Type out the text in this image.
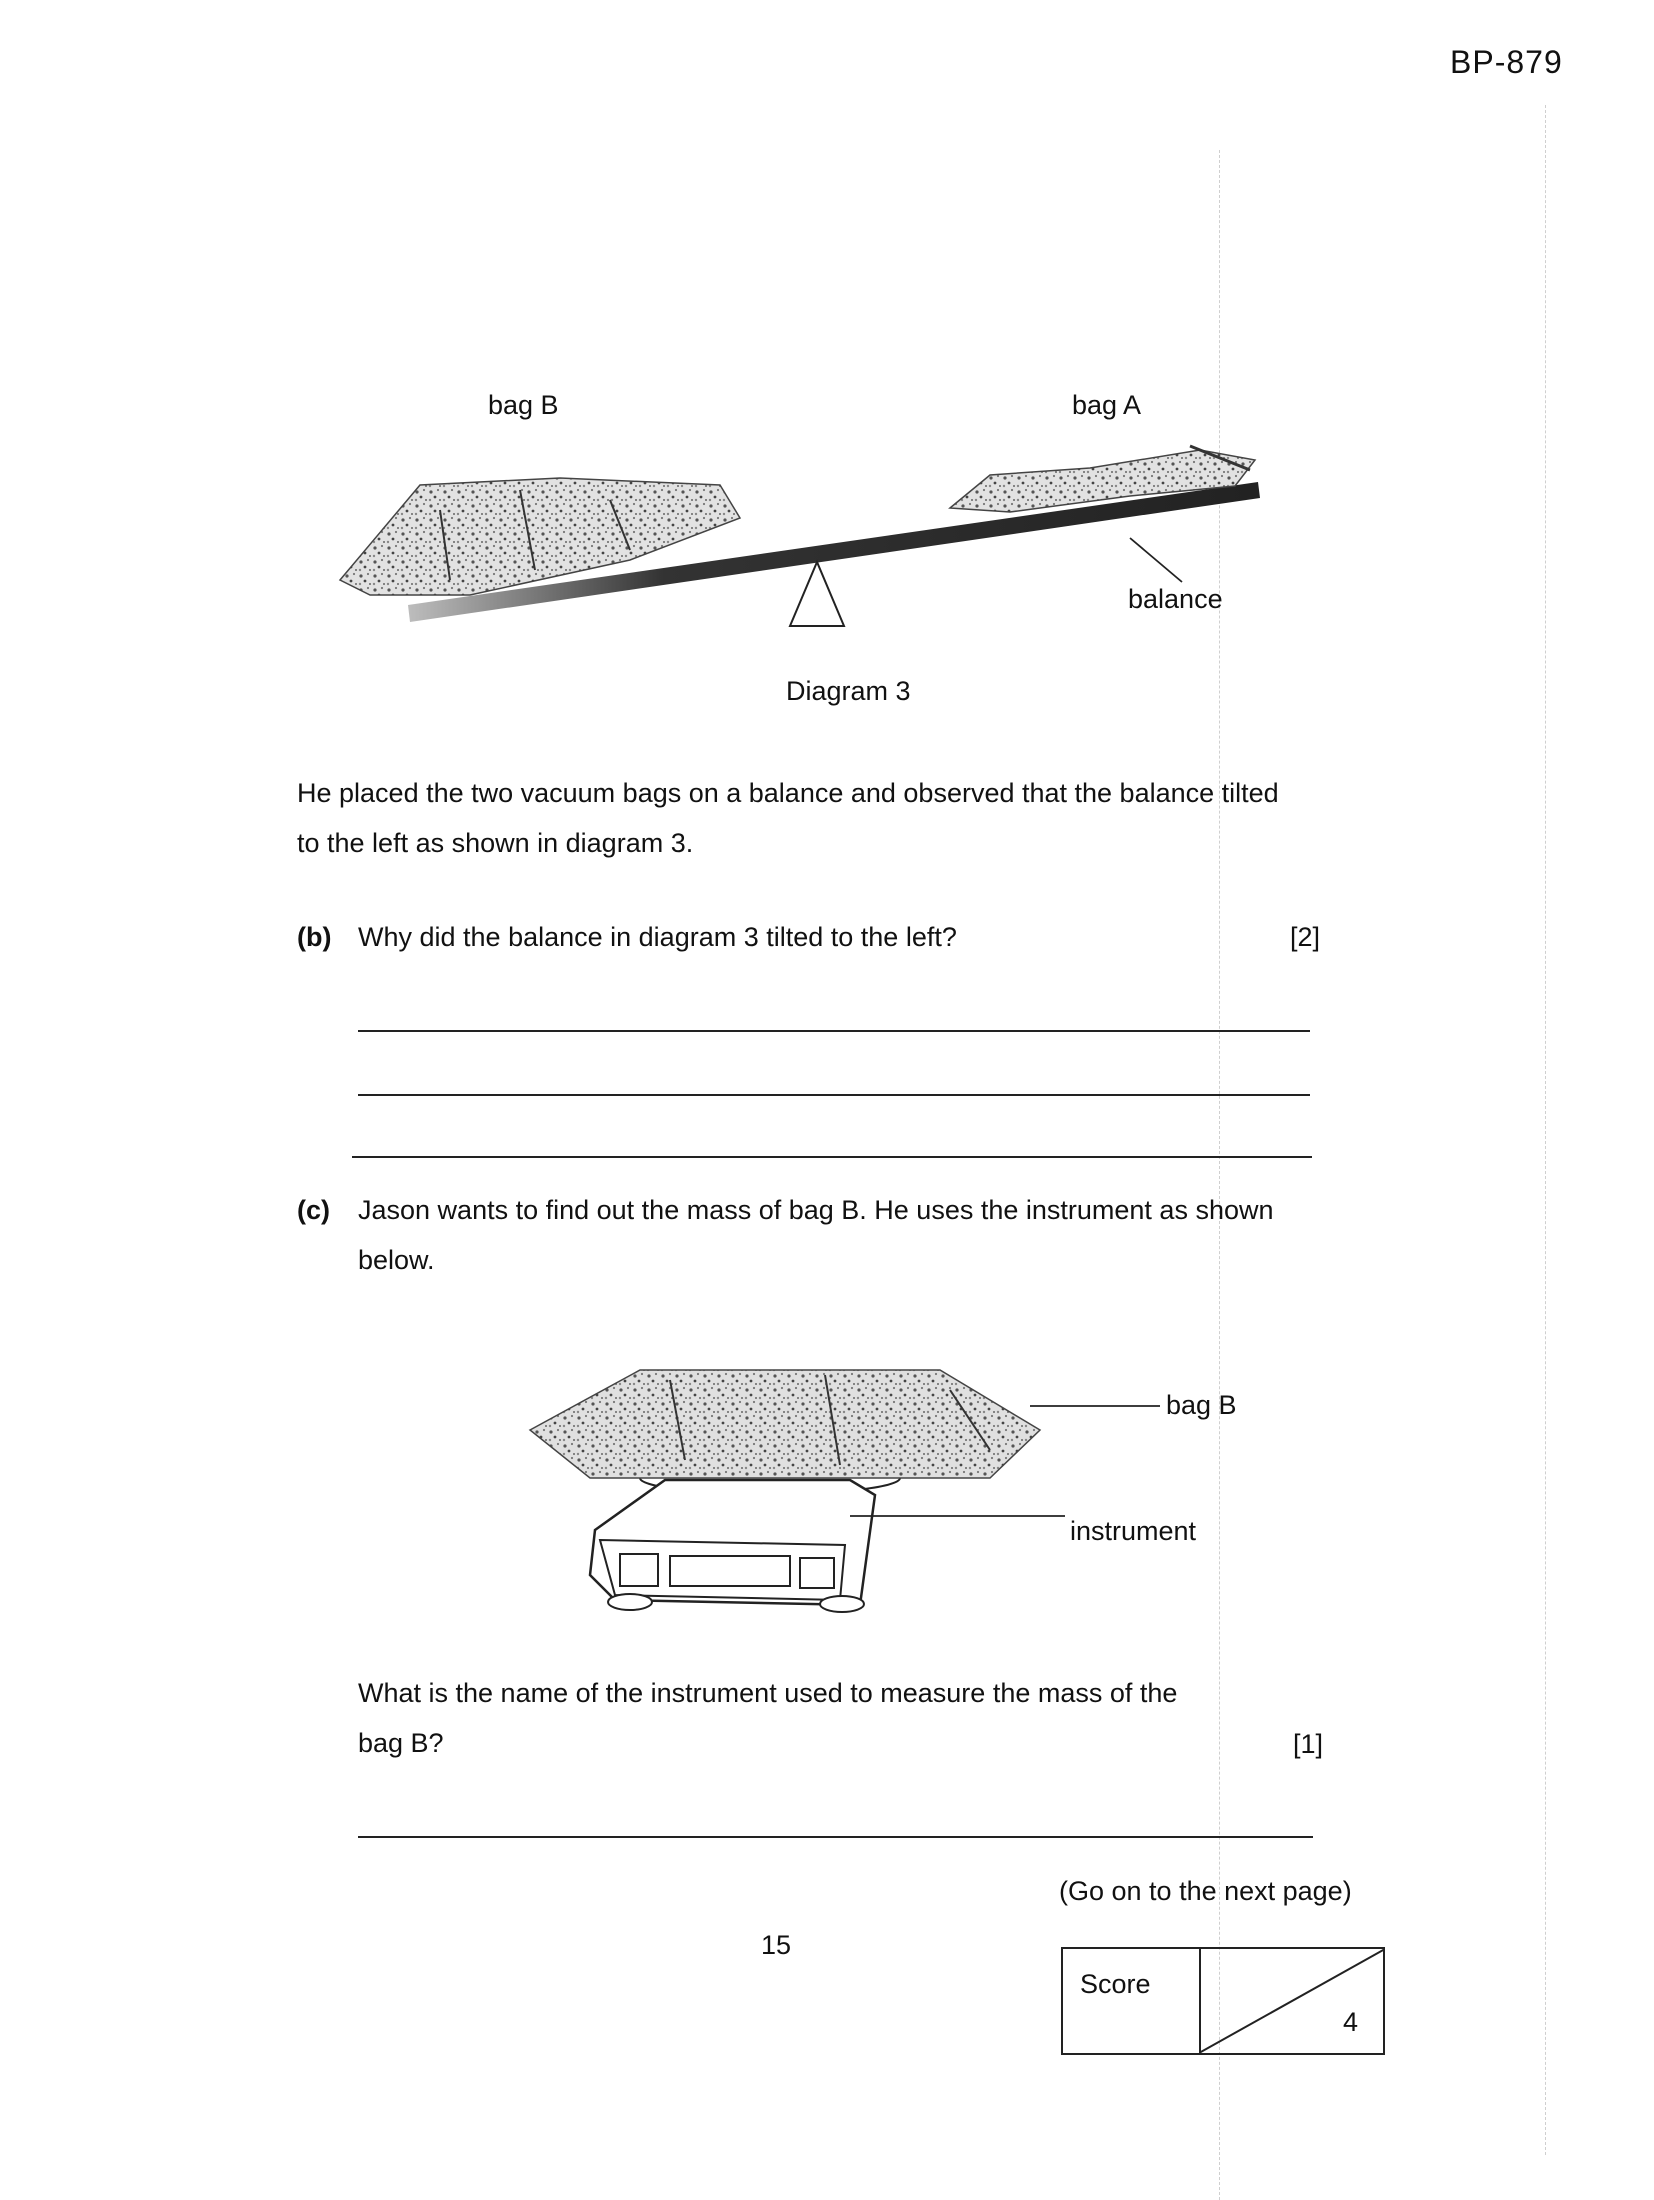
BP-879
bag B	bag A
balance
Diagram 3
He placed the two vacuum bags on a balance and observed that the balance tilted
to the left as shown in diagram 3.
(b) Why did the balance in diagram 3 tilted to the left?	[2]
(c) Jason wants to find out the mass of bag B. He uses the instrument as shown
below.
bag B
instrument
What is the name of the instrument used to measure the mass of the
bag B?	[1]
(Go on to the next page)
15
Score
4
